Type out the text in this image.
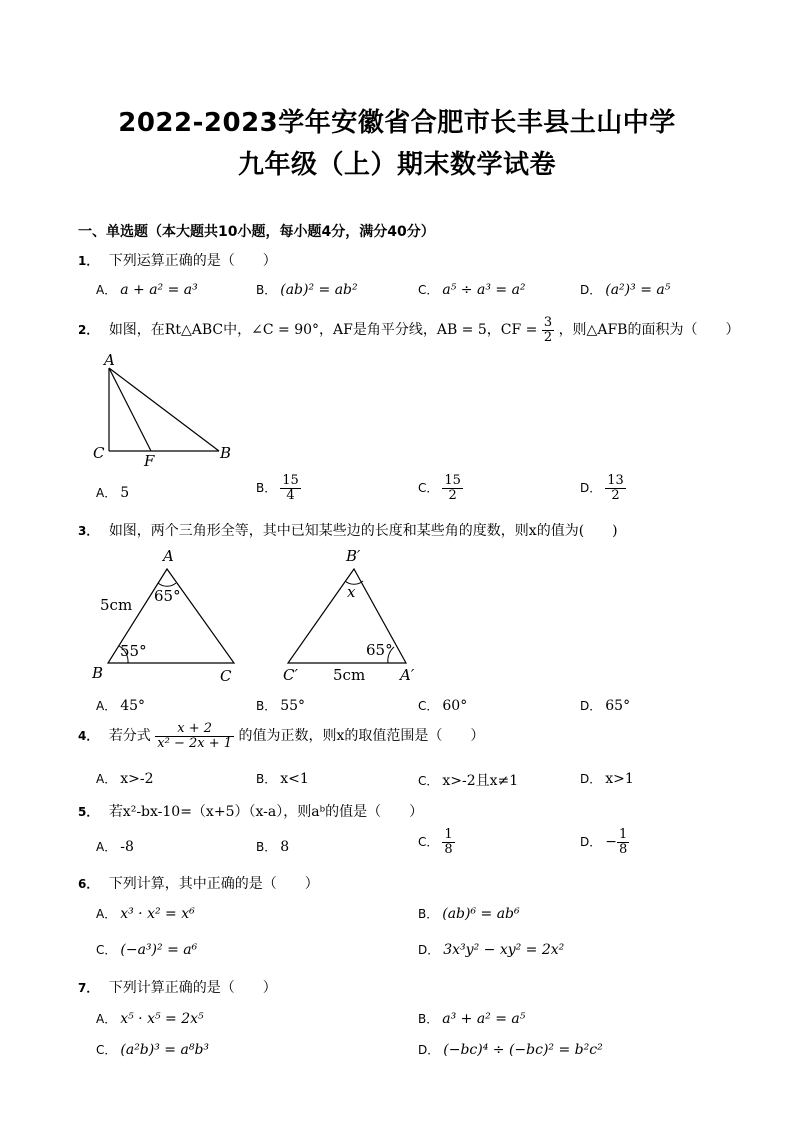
2022-2023学年安徽省合肥市长丰县土山中学
九年级（上）期末数学试卷
一、单选题（本大题共10小题，每小题4分，满分40分）
1． 下列运算正确的是（　　）
A． a + a² = a³	B． (ab)² = ab²	C． a⁵ ÷ a³ = a²	D． (a²)³ = a⁵
2． 如图，在Rt△ABC中，∠C = 90°，AF是角平分线，AB = 5，CF = $\frac{3}{2}$ ，则△AFB的面积为（　　）
A
C	F	B
A． 5	B． $\frac{15}{4}$	C． $\frac{15}{2}$	D． $\frac{13}{2}$
3． 如图，两个三角形全等，其中已知某些边的长度和某些角的度数，则x的值为(　　)
A
B	C
5cm 65°
55°
B′
C′	A′
x
65°
5cm
A． 45°	B． 55°	C． 60°	D． 65°
4． 若分式 $\frac{x + 2}{\text{x² − 2x + 1}}$ 的值为正数，则x的取值范围是（　　）
A． x>-2	B． x<1	C． x>-2且x≠1	D． x>1
5． 若x²-bx-10=（x+5）（x-a），则aᵇ的值是（　　）
A． -8	B． 8	C． $\frac{1}{8}$	D． − $\frac{1}{8}$
6． 下列计算，其中正确的是（　　）
A． x³ · x² = x⁶	B． (ab)⁶ = ab⁶
C． (−a³)² = a⁶	D． 3x³y² − xy² = 2x²
7． 下列计算正确的是（　　）
A． x⁵ · x⁵ = 2x⁵	B． a³ + a² = a⁵
C． (a²b)³ = a⁸b³	D． (−bc)⁴ ÷ (−bc)² = b²c²
